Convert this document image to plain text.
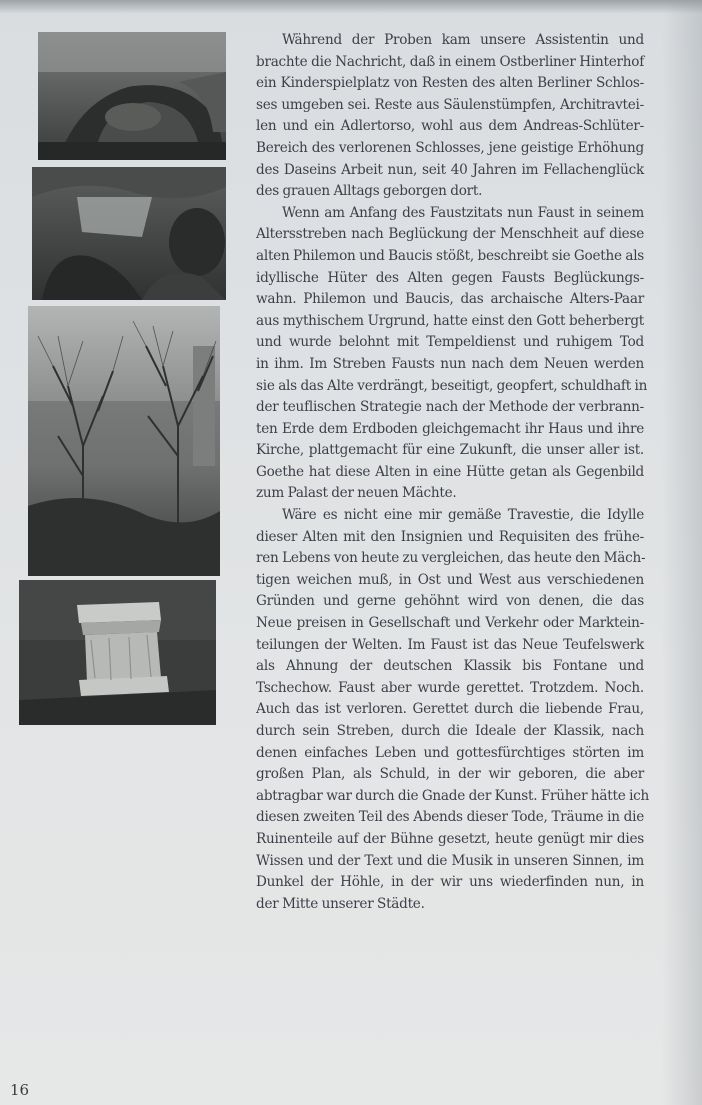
Während der Proben kam unsere Assistentin und
brachte die Nachricht, daß in einem Ostberliner Hinterhof
ein Kinderspielplatz von Resten des alten Berliner Schlos-
ses umgeben sei. Reste aus Säulenstümpfen, Architravtei-
len und ein Adlertorso, wohl aus dem Andreas-Schlüter-
Bereich des verlorenen Schlosses, jene geistige Erhöhung
des Daseins Arbeit nun, seit 40 Jahren im Fellachenglück
des grauen Alltags geborgen dort.
Wenn am Anfang des Faustzitats nun Faust in seinem
Altersstreben nach Beglückung der Menschheit auf diese
alten Philemon und Baucis stößt, beschreibt sie Goethe als
idyllische Hüter des Alten gegen Fausts Beglückungs-
wahn. Philemon und Baucis, das archaische Alters-Paar
aus mythischem Urgrund, hatte einst den Gott beherbergt
und wurde belohnt mit Tempeldienst und ruhigem Tod
in ihm. Im Streben Fausts nun nach dem Neuen werden
sie als das Alte verdrängt, beseitigt, geopfert, schuldhaft in
der teuflischen Strategie nach der Methode der verbrann-
ten Erde dem Erdboden gleichgemacht ihr Haus und ihre
Kirche, plattgemacht für eine Zukunft, die unser aller ist.
Goethe hat diese Alten in eine Hütte getan als Gegenbild
zum Palast der neuen Mächte.
Wäre es nicht eine mir gemäße Travestie, die Idylle
dieser Alten mit den Insignien und Requisiten des frühe-
ren Lebens von heute zu vergleichen, das heute den Mäch-
tigen weichen muß, in Ost und West aus verschiedenen
Gründen und gerne gehöhnt wird von denen, die das
Neue preisen in Gesellschaft und Verkehr oder Marktein-
teilungen der Welten. Im Faust ist das Neue Teufelswerk
als Ahnung der deutschen Klassik bis Fontane und
Tschechow. Faust aber wurde gerettet. Trotzdem. Noch.
Auch das ist verloren. Gerettet durch die liebende Frau,
durch sein Streben, durch die Ideale der Klassik, nach
denen einfaches Leben und gottesfürchtiges störten im
großen Plan, als Schuld, in der wir geboren, die aber
abtragbar war durch die Gnade der Kunst. Früher hätte ich
diesen zweiten Teil des Abends dieser Tode, Träume in die
Ruinenteile auf der Bühne gesetzt, heute genügt mir dies
Wissen und der Text und die Musik in unseren Sinnen, im
Dunkel der Höhle, in der wir uns wiederfinden nun, in
der Mitte unserer Städte.
16
